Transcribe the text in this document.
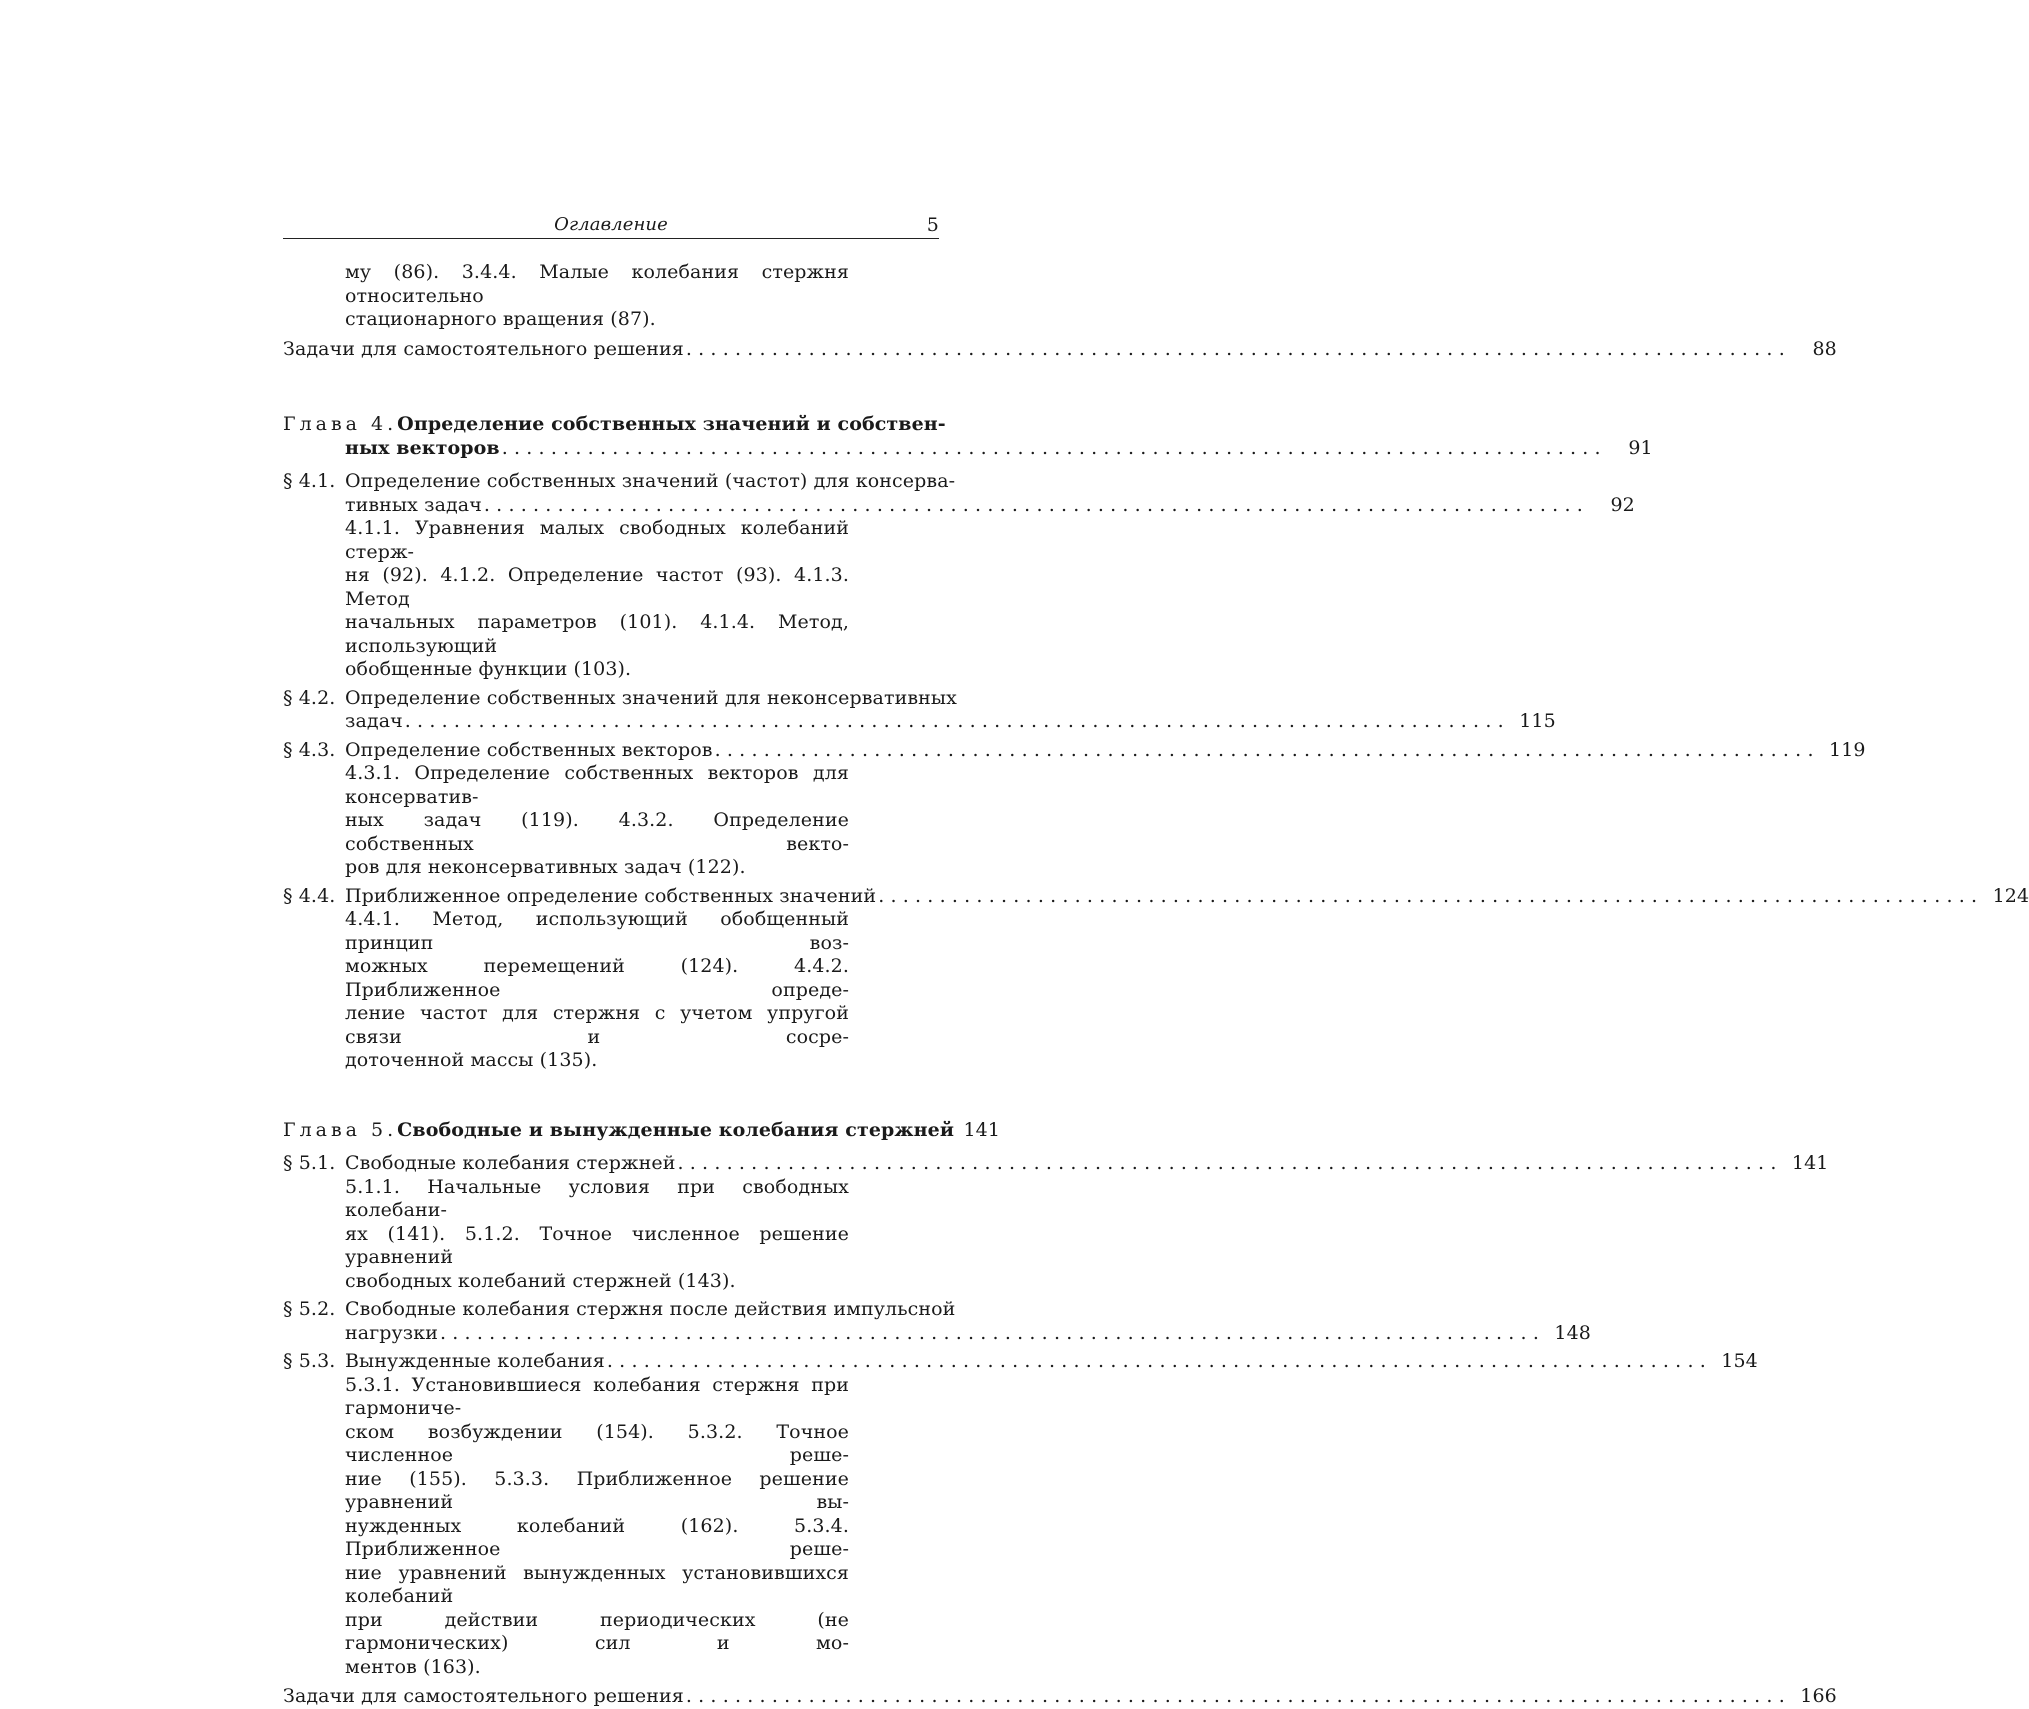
Оглавление	5
му (86). 3.4.4. Малые колебания стержня относительно
стационарного вращения (87).
Задачи для самостоятельного решения . . .	88
Глава 4. Определение собственных значений и собствен-
ных векторов . . .	91
§ 4.1. Определение собственных значений (частот) для консерва-
тивных задач . . .	92
4.1.1. Уравнения малых свободных колебаний стерж-
ня (92). 4.1.2. Определение частот (93). 4.1.3. Метод
начальных параметров (101). 4.1.4. Метод, использующий
обобщенные функции (103).
§ 4.2. Определение собственных значений для неконсервативных
задач . . .	115
§ 4.3. Определение собственных векторов . . .	119
4.3.1. Определение собственных векторов для консерватив-
ных задач (119). 4.3.2. Определение собственных векто-
ров для неконсервативных задач (122).
§ 4.4. Приближенное определение собственных значений . . .	124
4.4.1. Метод, использующий обобщенный принцип воз-
можных перемещений (124). 4.4.2. Приближенное опреде-
ление частот для стержня с учетом упругой связи и сосре-
доточенной массы (135).
Глава 5. Свободные и вынужденные колебания стержней 141
§ 5.1. Свободные колебания стержней . . .	141
5.1.1. Начальные условия при свободных колебани-
ях (141). 5.1.2. Точное численное решение уравнений
свободных колебаний стержней (143).
§ 5.2. Свободные колебания стержня после действия импульсной
нагрузки . . .	148
§ 5.3. Вынужденные колебания . . .	154
5.3.1. Установившиеся колебания стержня при гармониче-
ском возбуждении (154). 5.3.2. Точное численное реше-
ние (155). 5.3.3. Приближенное решение уравнений вы-
нужденных колебаний (162). 5.3.4. Приближенное реше-
ние уравнений вынужденных установившихся колебаний
при действии периодических (не гармонических) сил и мо-
ментов (163).
Задачи для самостоятельного решения . . .	166
